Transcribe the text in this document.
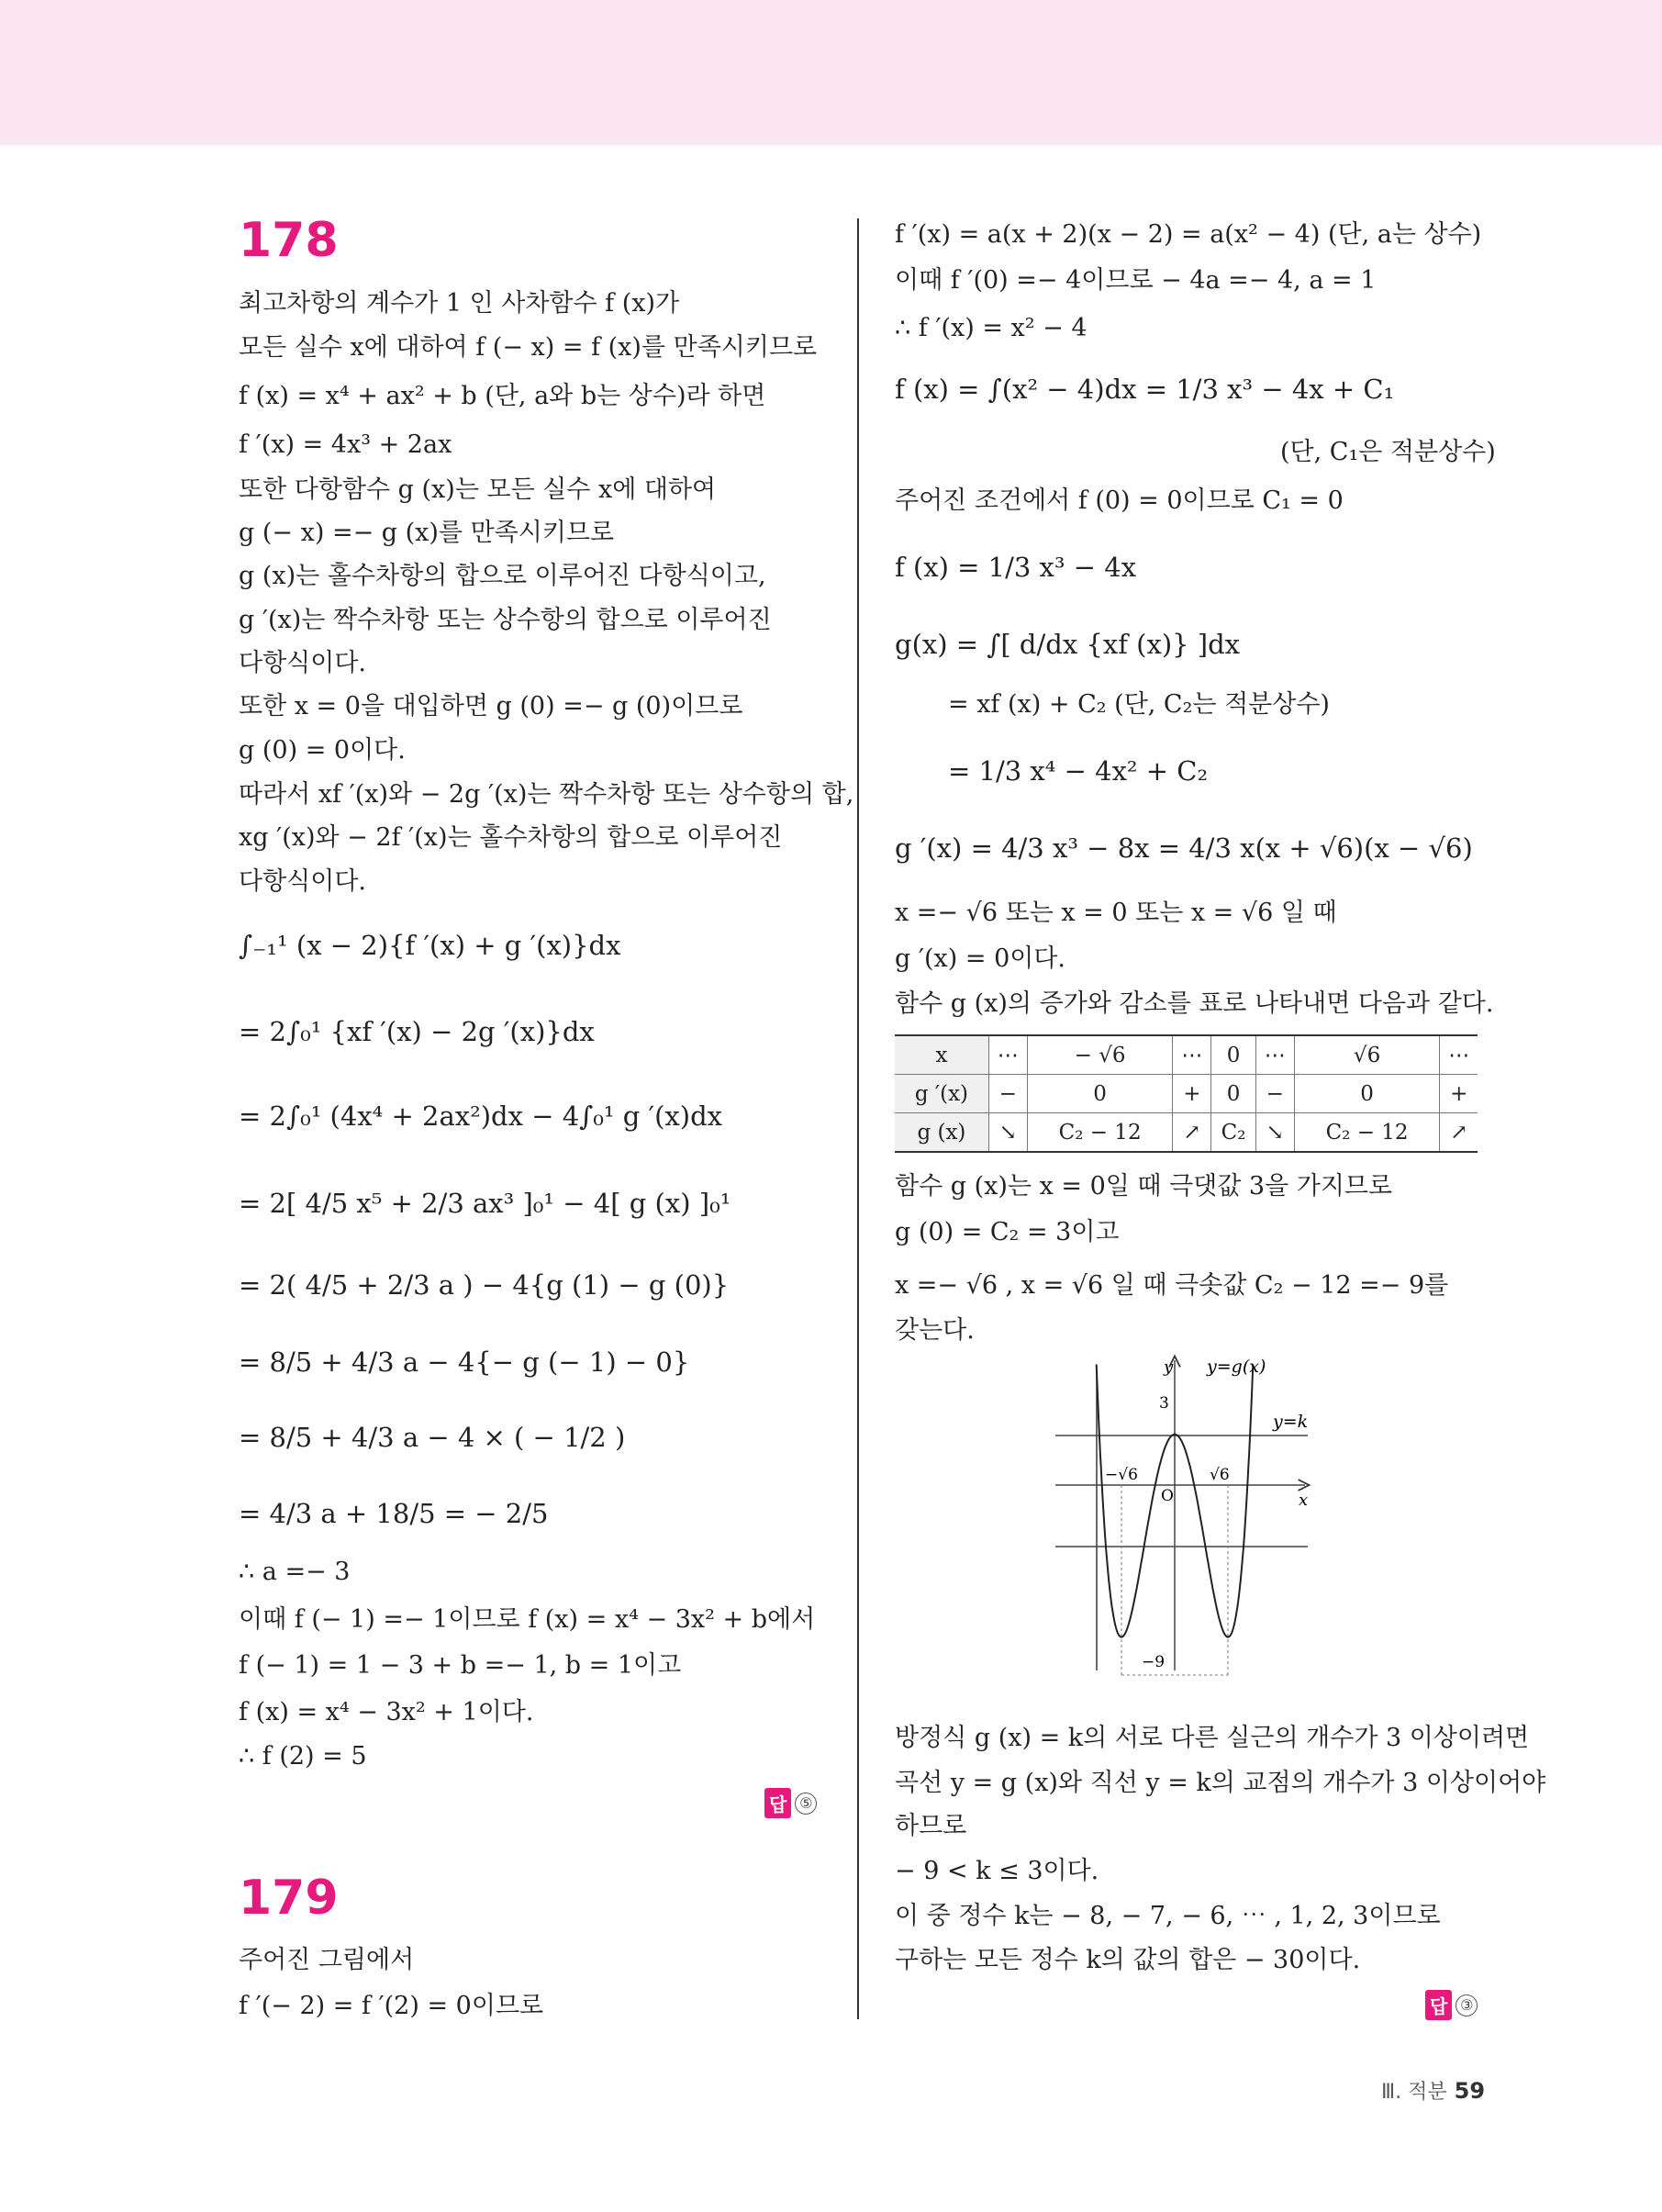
178
최고차항의 계수가 1 인 사차함수 f (x)가
모든 실수 x에 대하여 f (− x) = f (x)를 만족시키므로
f (x) = x⁴ + ax² + b (단, a와 b는 상수)라 하면
f ′(x) = 4x³ + 2ax
또한 다항함수 g (x)는 모든 실수 x에 대하여
g (− x) =− g (x)를 만족시키므로
g (x)는 홀수차항의 합으로 이루어진 다항식이고,
g ′(x)는 짝수차항 또는 상수항의 합으로 이루어진
다항식이다.
또한 x = 0을 대입하면 g (0) =− g (0)이므로
g (0) = 0이다.
따라서 xf ′(x)와 − 2g ′(x)는 짝수차항 또는 상수항의 합,
xg ′(x)와 − 2f ′(x)는 홀수차항의 합으로 이루어진
다항식이다.
∫₋₁¹ (x − 2){f ′(x) + g ′(x)}dx
= 2∫₀¹ {xf ′(x) − 2g ′(x)}dx
= 2∫₀¹ (4x⁴ + 2ax²)dx − 4∫₀¹ g ′(x)dx
= 2[ 4/5 x⁵ + 2/3 ax³ ]₀¹ − 4[ g (x) ]₀¹
= 2( 4/5 + 2/3 a ) − 4{g (1) − g (0)}
= 8/5 + 4/3 a − 4{− g (− 1) − 0}
= 8/5 + 4/3 a − 4 × ( − 1/2 )
= 4/3 a + 18/5 = − 2/5
∴ a =− 3
이때 f (− 1) =− 1이므로 f (x) = x⁴ − 3x² + b에서
f (− 1) = 1 − 3 + b =− 1, b = 1이고
f (x) = x⁴ − 3x² + 1이다.
∴ f (2) = 5
답 ⑤
179
주어진 그림에서
f ′(− 2) = f ′(2) = 0이므로
f ′(x) = a(x + 2)(x − 2) = a(x² − 4) (단, a는 상수)
이때 f ′(0) =− 4이므로 − 4a =− 4, a = 1
∴ f ′(x) = x² − 4
f (x) = ∫(x² − 4)dx = 1/3 x³ − 4x + C₁
(단, C₁은 적분상수)
주어진 조건에서 f (0) = 0이므로 C₁ = 0
f (x) = 1/3 x³ − 4x
g(x) = ∫[ d/dx {xf (x)} ]dx
= xf (x) + C₂ (단, C₂는 적분상수)
= 1/3 x⁴ − 4x² + C₂
g ′(x) = 4/3 x³ − 8x = 4/3 x(x + √6)(x − √6)
x =− √6 또는 x = 0 또는 x = √6 일 때
g ′(x) = 0이다.
함수 g (x)의 증가와 감소를 표로 나타내면 다음과 같다.
x	⋯	− √6	⋯	0	⋯	√6	⋯
g ′(x)	−	0	+	0	−	0	+
g (x)	↘	C₂ − 12	↗	C₂	↘	C₂ − 12	↗
함수 g (x)는 x = 0일 때 극댓값 3을 가지므로
g (0) = C₂ = 3이고
x =− √6 , x = √6 일 때 극솟값 C₂ − 12 =− 9를
갖는다.
y y=g(x)
y=k
3
−√6	√6
O	x
−9
방정식 g (x) = k의 서로 다른 실근의 개수가 3 이상이려면
곡선 y = g (x)와 직선 y = k의 교점의 개수가 3 이상이어야
하므로
− 9 < k ≤ 3이다.
이 중 정수 k는 − 8, − 7, − 6, ⋯ , 1, 2, 3이므로
구하는 모든 정수 k의 값의 합은 − 30이다.
답 ③
Ⅲ. 적분 59
